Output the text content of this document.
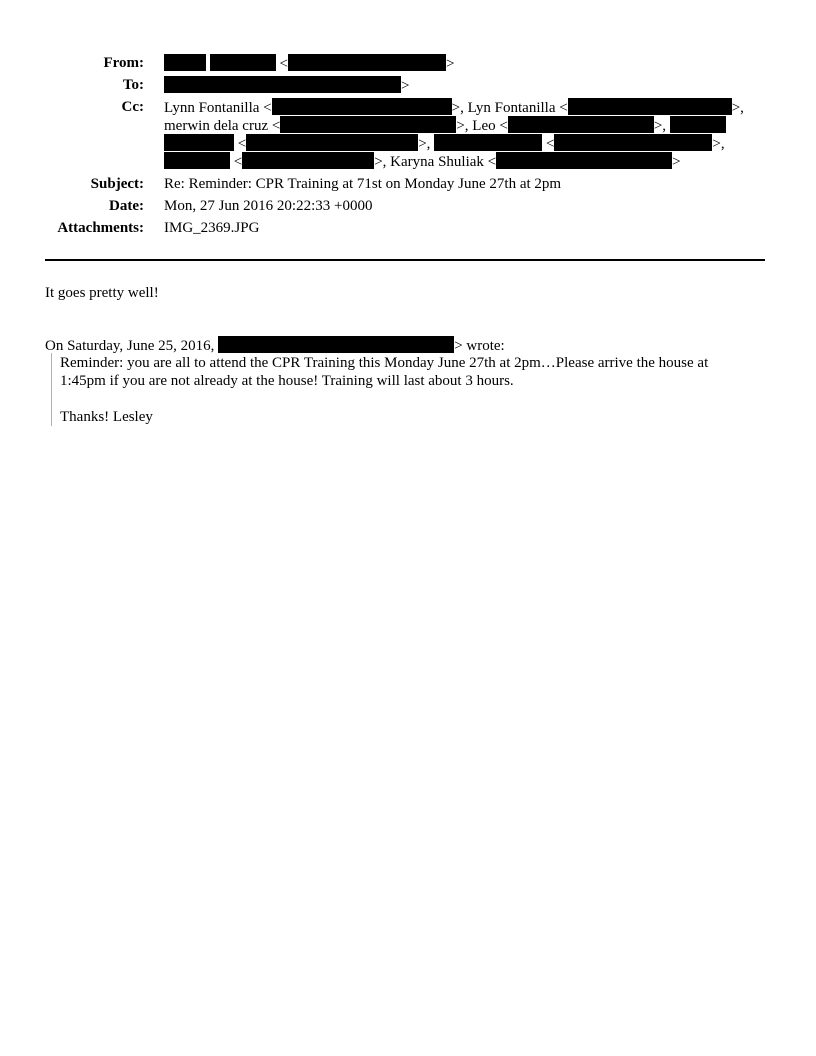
From:	<	>
To:	>
Cc: Lynn Fontanilla <	>, Lyn Fontanilla <	>,
merwin dela cruz <	>, Leo <	>,
<	>,	<	>,
<	>, Karyna Shuliak <	>
Subject: Re: Reminder: CPR Training at 71st on Monday June 27th at 2pm
Date: Mon, 27 Jun 2016 20:22:33 +0000
Attachments: IMG_2369.JPG
It goes pretty well!
On Saturday, June 25, 2016,	> wrote:
Reminder: you are all to attend the CPR Training this Monday June 27th at 2pm…Please arrive the house at
1:45pm if you are not already at the house! Training will last about 3 hours.
Thanks! Lesley
